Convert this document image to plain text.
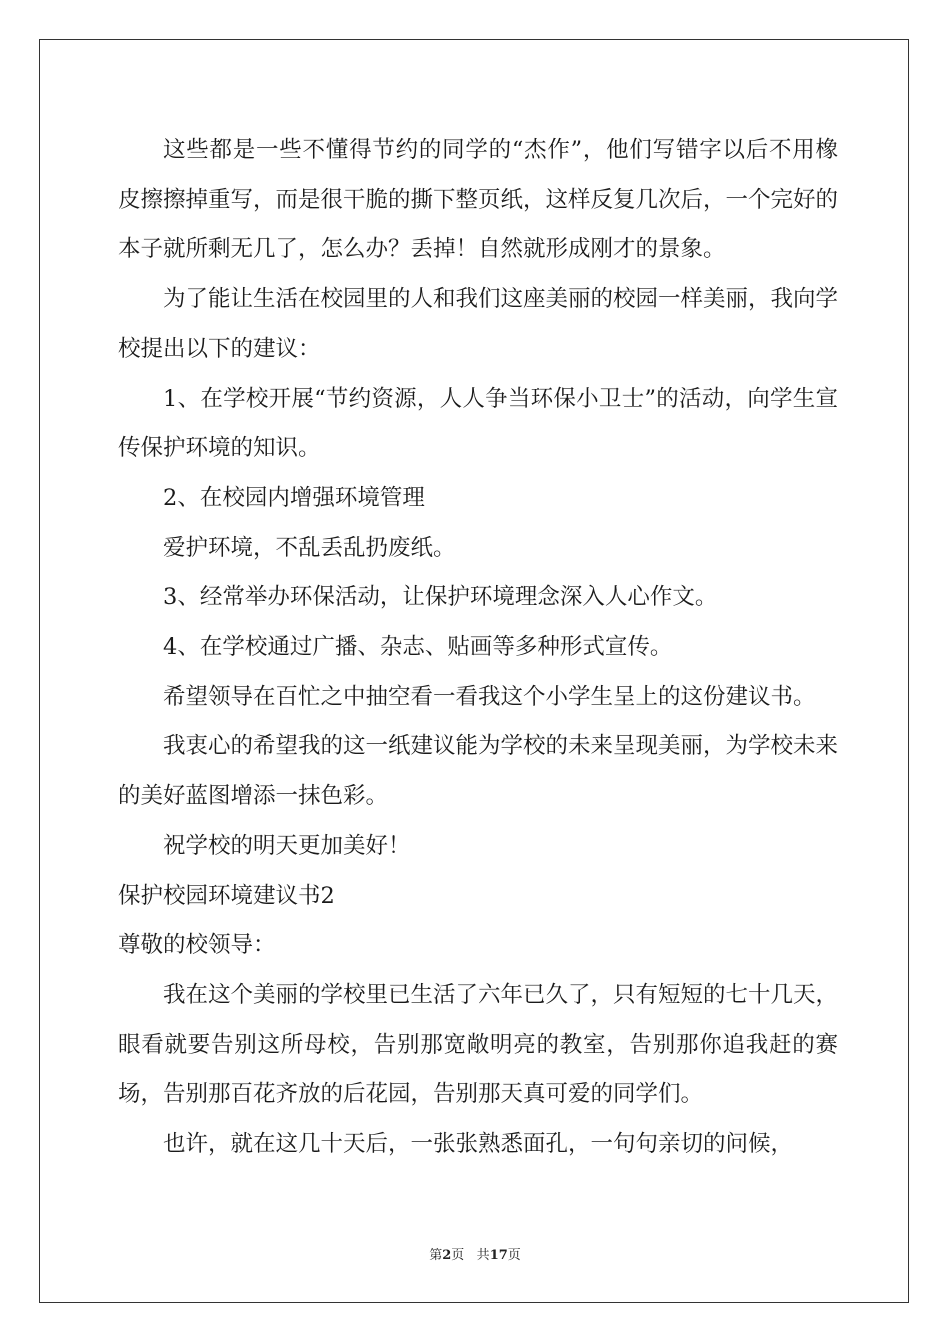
这些都是一些不懂得节约的同学的“杰作”，他们写错字以后不用橡皮擦擦掉重写，而是很干脆的撕下整页纸，这样反复几次后，一个完好的本子就所剩无几了，怎么办？丢掉！自然就形成刚才的景象。

为了能让生活在校园里的人和我们这座美丽的校园一样美丽，我向学校提出以下的建议：

1、在学校开展“节约资源，人人争当环保小卫士”的活动，向学生宣传保护环境的知识。

2、在校园内增强环境管理

爱护环境，不乱丢乱扔废纸。

3、经常举办环保活动，让保护环境理念深入人心作文。

4、在学校通过广播、杂志、贴画等多种形式宣传。

希望领导在百忙之中抽空看一看我这个小学生呈上的这份建议书。

我衷心的希望我的这一纸建议能为学校的未来呈现美丽，为学校未来的美好蓝图增添一抹色彩。

祝学校的明天更加美好！

保护校园环境建议书2

尊敬的校领导：

我在这个美丽的学校里已生活了六年已久了，只有短短的七十几天，眼看就要告别这所母校，告别那宽敞明亮的教室，告别那你追我赶的赛场，告别那百花齐放的后花园，告别那天真可爱的同学们。

也许，就在这几十天后，一张张熟悉面孔，一句句亲切的问候，

第2页 共17页
